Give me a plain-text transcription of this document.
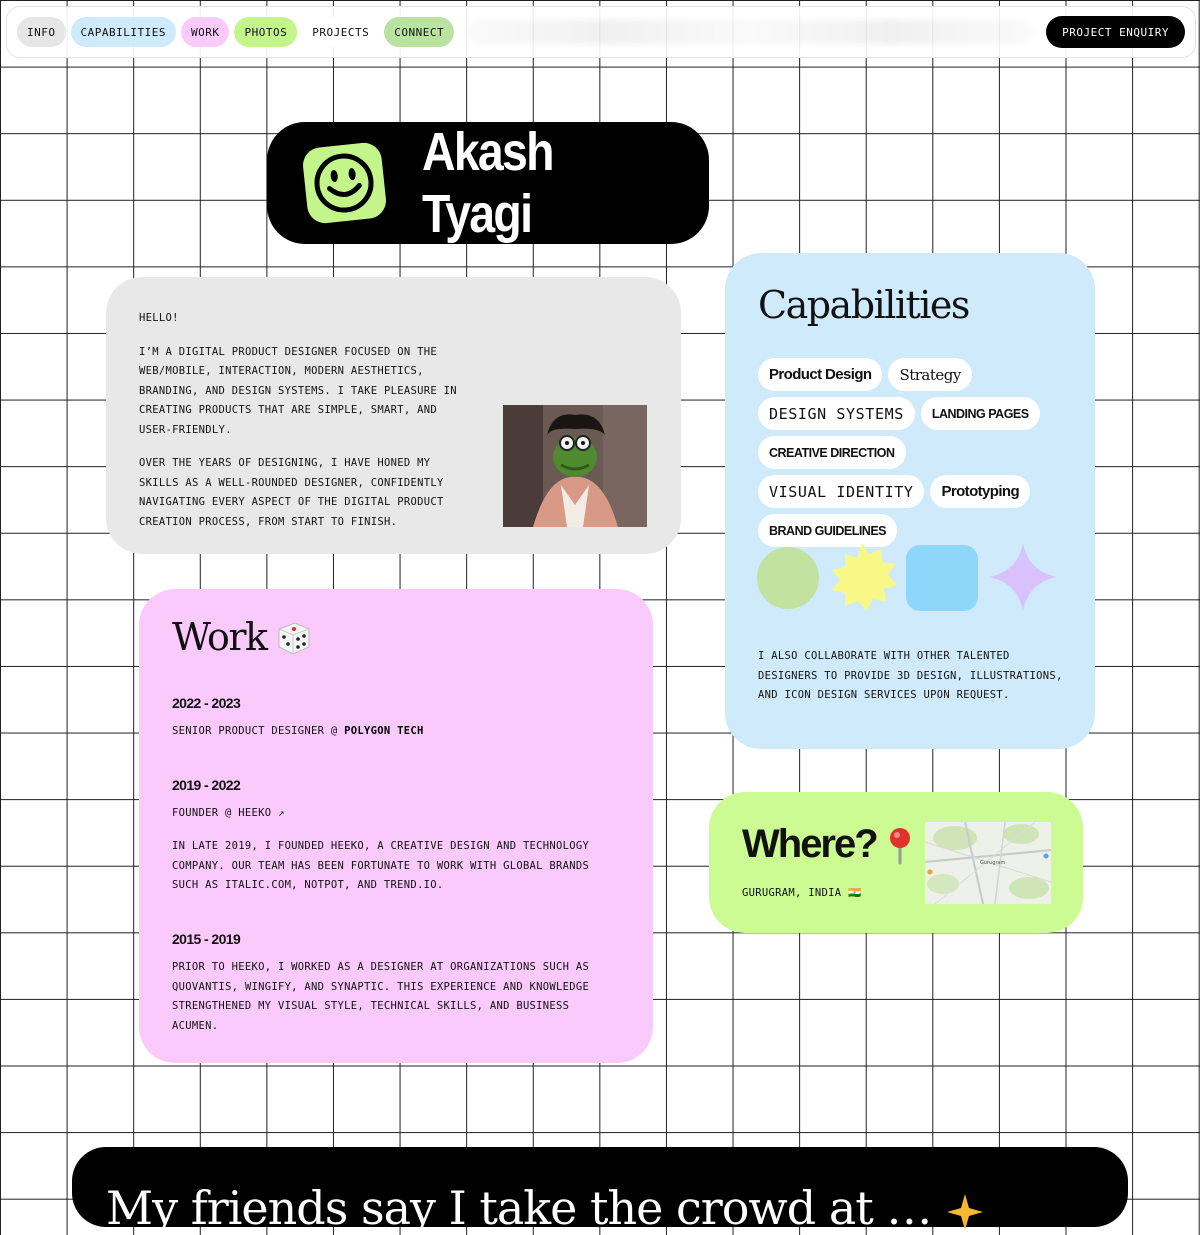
INFO	CAPABILITIES	WORK	PHOTOS	PROJECTS	CONNECT	PROJECT ENQUIRY
Akash Tyagi

HELLO!

I’M A DIGITAL PRODUCT DESIGNER FOCUSED ON THE WEB/MOBILE, INTERACTION, MODERN AESTHETICS, BRANDING, AND DESIGN SYSTEMS. I TAKE PLEASURE IN CREATING PRODUCTS THAT ARE SIMPLE, SMART, AND USER-FRIENDLY.

OVER THE YEARS OF DESIGNING, I HAVE HONED MY SKILLS AS A WELL-ROUNDED DESIGNER, CONFIDENTLY NAVIGATING EVERY ASPECT OF THE DIGITAL PRODUCT CREATION PROCESS, FROM START TO FINISH.

Capabilities
Product Design	Strategy
DESIGN SYSTEMS	LANDING PAGES
CREATIVE DIRECTION
VISUAL IDENTITY	Prototyping
BRAND GUIDELINES
I ALSO COLLABORATE WITH OTHER TALENTED DESIGNERS TO PROVIDE 3D DESIGN, ILLUSTRATIONS, AND ICON DESIGN SERVICES UPON REQUEST.
Work
2022 - 2023
SENIOR PRODUCT DESIGNER @ POLYGON TECH
2019 - 2022
FOUNDER @ HEEKO ↗
IN LATE 2019, I FOUNDED HEEKO, A CREATIVE DESIGN AND TECHNOLOGY COMPANY. OUR TEAM HAS BEEN FORTUNATE TO WORK WITH GLOBAL BRANDS SUCH AS ITALIC.COM, NOTPOT, AND TREND.IO.
2015 - 2019
PRIOR TO HEEKO, I WORKED AS A DESIGNER AT ORGANIZATIONS SUCH AS QUOVANTIS, WINGIFY, AND SYNAPTIC. THIS EXPERIENCE AND KNOWLEDGE STRENGTHENED MY VISUAL STYLE, TECHNICAL SKILLS, AND BUSINESS ACUMEN.
Where?
GURUGRAM, INDIA 🇮🇳
Gurugram
My friends say I take the crowd at …
